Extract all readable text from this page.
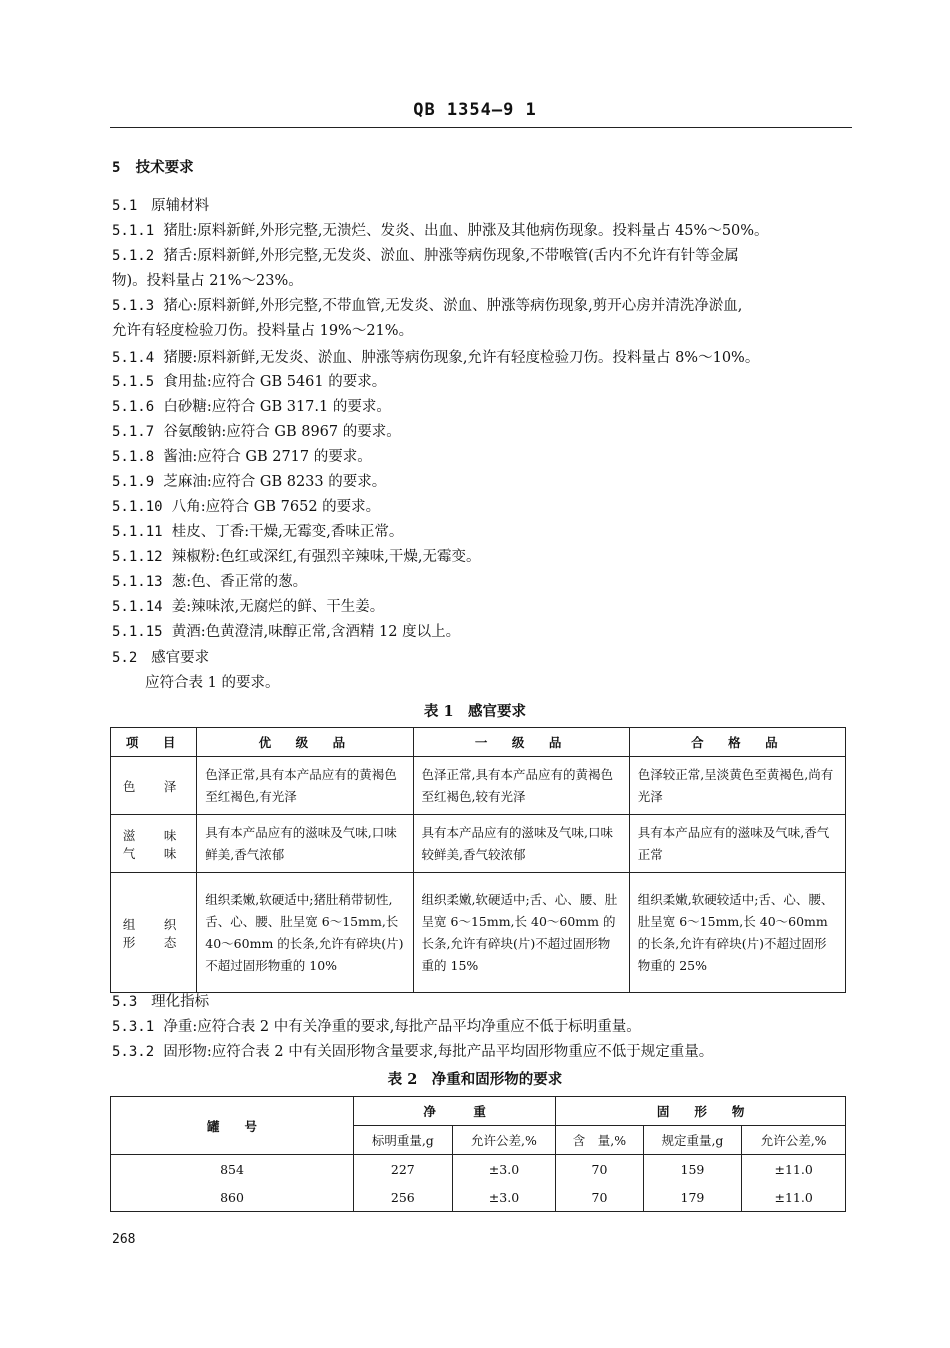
QB 1354—9 1
5 技术要求
5.1 原辅材料
5.1.1 猪肚:原料新鲜,外形完整,无溃烂、发炎、出血、肿涨及其他病伤现象。投料量占 45%～50%。
5.1.2 猪舌:原料新鲜,外形完整,无发炎、淤血、肿涨等病伤现象,不带喉管(舌内不允许有针等金属
物)。投料量占 21%～23%。
5.1.3 猪心:原料新鲜,外形完整,不带血管,无发炎、淤血、肿涨等病伤现象,剪开心房并清洗净淤血,
允许有轻度检验刀伤。投料量占 19%～21%。
5.1.4 猪腰:原料新鲜,无发炎、淤血、肿涨等病伤现象,允许有轻度检验刀伤。投料量占 8%～10%。
5.1.5 食用盐:应符合 GB 5461 的要求。
5.1.6 白砂糖:应符合 GB 317.1 的要求。
5.1.7 谷氨酸钠:应符合 GB 8967 的要求。
5.1.8 酱油:应符合 GB 2717 的要求。
5.1.9 芝麻油:应符合 GB 8233 的要求。
5.1.10 八角:应符合 GB 7652 的要求。
5.1.11 桂皮、丁香:干燥,无霉变,香味正常。
5.1.12 辣椒粉:色红或深红,有强烈辛辣味,干燥,无霉变。
5.1.13 葱:色、香正常的葱。
5.1.14 姜:辣味浓,无腐烂的鲜、干生姜。
5.1.15 黄酒:色黄澄清,味醇正常,含酒精 12 度以上。
5.2 感官要求
应符合表 1 的要求。
表 1　感官要求
项　目	优　级　品	一　级　品	合　格　品
色　泽	色泽正常,具有本产品应有的黄褐色至红褐色,有光泽	色泽正常,具有本产品应有的黄褐色至红褐色,较有光泽	色泽较正常,呈淡黄色至黄褐色,尚有光泽
滋　味 气　味	具有本产品应有的滋味及气味,口味鲜美,香气浓郁	具有本产品应有的滋味及气味,口味较鲜美,香气较浓郁	具有本产品应有的滋味及气味,香气正常
组　织 形　态	组织柔嫩,软硬适中;猪肚稍带韧性,舌、心、腰、肚呈宽 6～15mm,长 40～60mm 的长条,允许有碎块(片)不超过固形物重的 10%	组织柔嫩,软硬适中;舌、心、腰、肚呈宽 6～15mm,长 40～60mm 的长条,允许有碎块(片)不超过固形物重的 15%	组织柔嫩,软硬较适中;舌、心、腰、肚呈宽 6～15mm,长 40～60mm 的长条,允许有碎块(片)不超过固形物重的 25%
5.3 理化指标
5.3.1 净重:应符合表 2 中有关净重的要求,每批产品平均净重应不低于标明重量。
5.3.2 固形物:应符合表 2 中有关固形物含量要求,每批产品平均固形物重应不低于规定重量。
表 2　净重和固形物的要求
罐　　号	净　　　重		固　　形　　物		
	标明重量,g	允许公差,%	含　量,%	规定重量,g	允许公差,%
854	227	±3.0	70	159	±11.0
860	256	±3.0	70	179	±11.0
268
